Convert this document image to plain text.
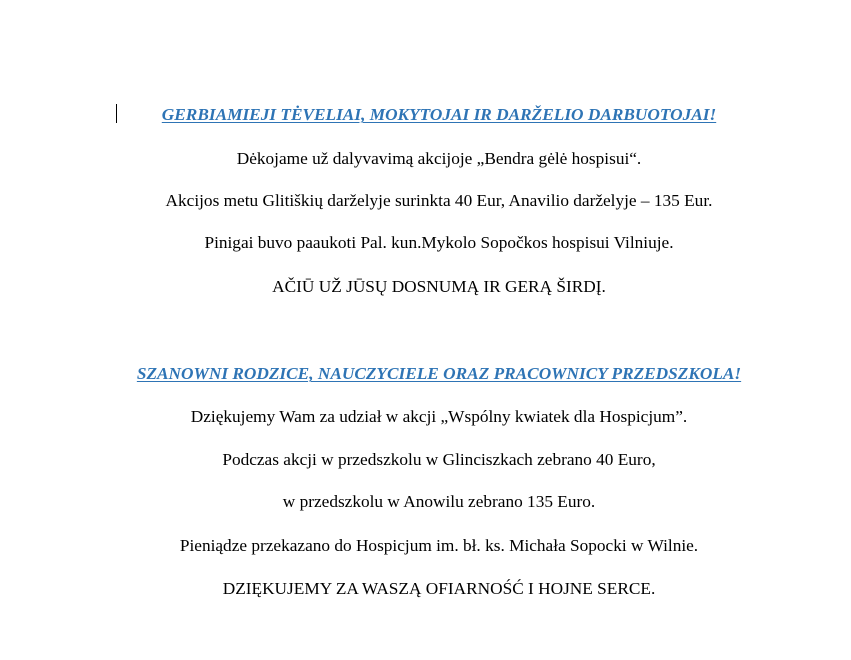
GERBIAMIEJI TĖVELIAI, MOKYTOJAI IR DARŽELIO DARBUOTOJAI!
Dėkojame už dalyvavimą akcijoje „Bendra gėlė hospisui“.
Akcijos metu Glitiškių darželyje surinkta 40 Eur, Anavilio darželyje – 135 Eur.
Pinigai buvo paaukoti Pal. kun.Mykolo Sopočkos hospisui Vilniuje.
AČIŪ UŽ JŪSŲ DOSNUMĄ IR GERĄ ŠIRDĮ.
SZANOWNI RODZICE, NAUCZYCIELE ORAZ PRACOWNICY PRZEDSZKOLA!
Dziękujemy Wam za udział w akcji „Wspólny kwiatek dla Hospicjum”.
Podczas akcji w przedszkolu w Glinciszkach zebrano 40 Euro,
w przedszkolu w Anowilu zebrano 135 Euro.
Pieniądze przekazano do Hospicjum im. bł. ks. Michała Sopocki w Wilnie.
DZIĘKUJEMY ZA WASZĄ OFIARNOŚĆ I HOJNE SERCE.
